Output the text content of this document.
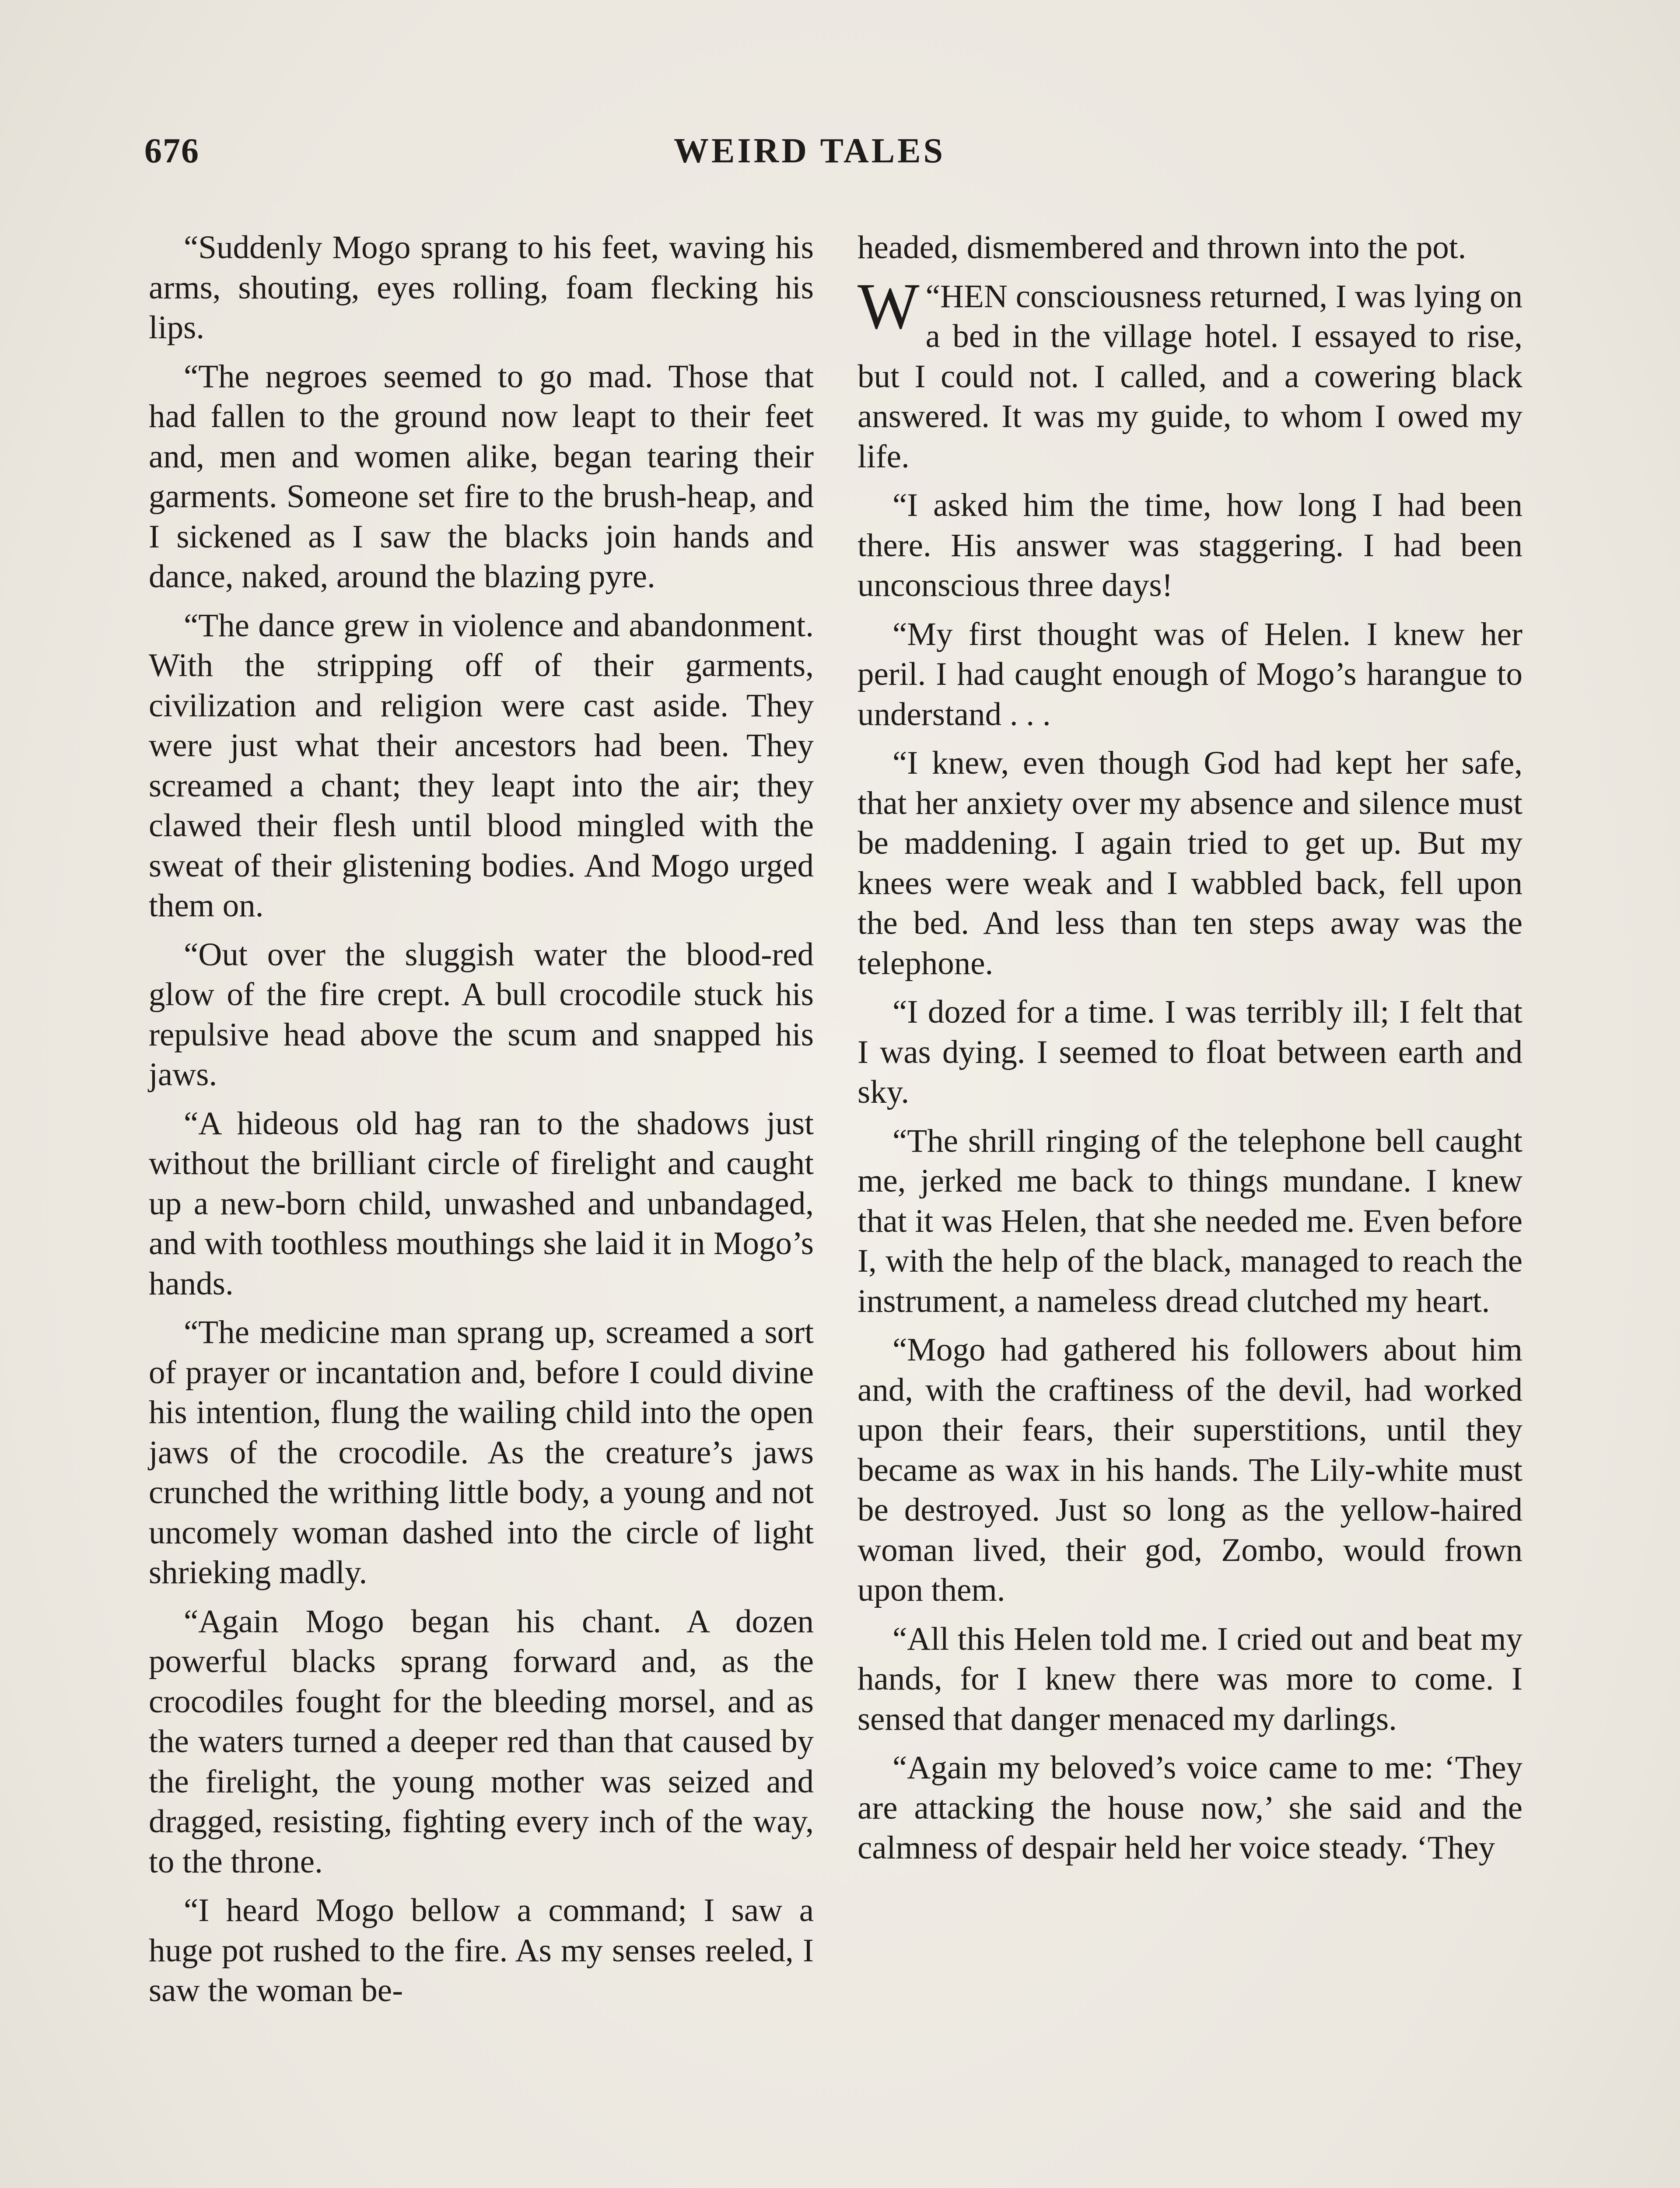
676	WEIRD TALES

“Suddenly Mogo sprang to his feet, waving his arms, shouting, eyes rolling, foam flecking his lips.

“The negroes seemed to go mad. Those that had fallen to the ground now leapt to their feet and, men and women alike, began tearing their garments. Someone set fire to the brush-heap, and I sickened as I saw the blacks join hands and dance, naked, around the blazing pyre.

“The dance grew in violence and abandonment. With the stripping off of their garments, civilization and religion were cast aside. They were just what their ancestors had been. They screamed a chant; they leapt into the air; they clawed their flesh until blood mingled with the sweat of their glistening bodies. And Mogo urged them on.

“Out over the sluggish water the blood-red glow of the fire crept. A bull crocodile stuck his repulsive head above the scum and snapped his jaws.

“A hideous old hag ran to the shadows just without the brilliant circle of firelight and caught up a new-born child, unwashed and unbandaged, and with toothless mouthings she laid it in Mogo’s hands.

“The medicine man sprang up, screamed a sort of prayer or incantation and, before I could divine his intention, flung the wailing child into the open jaws of the crocodile. As the creature’s jaws crunched the writhing little body, a young and not uncomely woman dashed into the circle of light shrieking madly.

“Again Mogo began his chant. A dozen powerful blacks sprang forward and, as the crocodiles fought for the bleeding morsel, and as the waters turned a deeper red than that caused by the firelight, the young mother was seized and dragged, resisting, fighting every inch of the way, to the throne.

“I heard Mogo bellow a command; I saw a huge pot rushed to the fire. As my senses reeled, I saw the woman be-

headed, dismembered and thrown into the pot.

“
W HEN consciousness returned, I was lying on a bed in the village hotel. I essayed to rise, but I could not. I called, and a cowering black answered. It was my guide, to whom I owed my life.

“I asked him the time, how long I had been there. His answer was staggering. I had been unconscious three days!

“My first thought was of Helen. I knew her peril. I had caught enough of Mogo’s harangue to understand . . .

“I knew, even though God had kept her safe, that her anxiety over my absence and silence must be maddening. I again tried to get up. But my knees were weak and I wabbled back, fell upon the bed. And less than ten steps away was the telephone.

“I dozed for a time. I was terribly ill; I felt that I was dying. I seemed to float between earth and sky.

“The shrill ringing of the telephone bell caught me, jerked me back to things mundane. I knew that it was Helen, that she needed me. Even before I, with the help of the black, managed to reach the instrument, a nameless dread clutched my heart.

“Mogo had gathered his followers about him and, with the craftiness of the devil, had worked upon their fears, their superstitions, until they became as wax in his hands. The Lily-white must be destroyed. Just so long as the yellow-haired woman lived, their god, Zombo, would frown upon them.

“All this Helen told me. I cried out and beat my hands, for I knew there was more to come. I sensed that danger menaced my darlings.

“Again my beloved’s voice came to me: ‘They are attacking the house now,’ she said and the calmness of despair held her voice steady. ‘They
